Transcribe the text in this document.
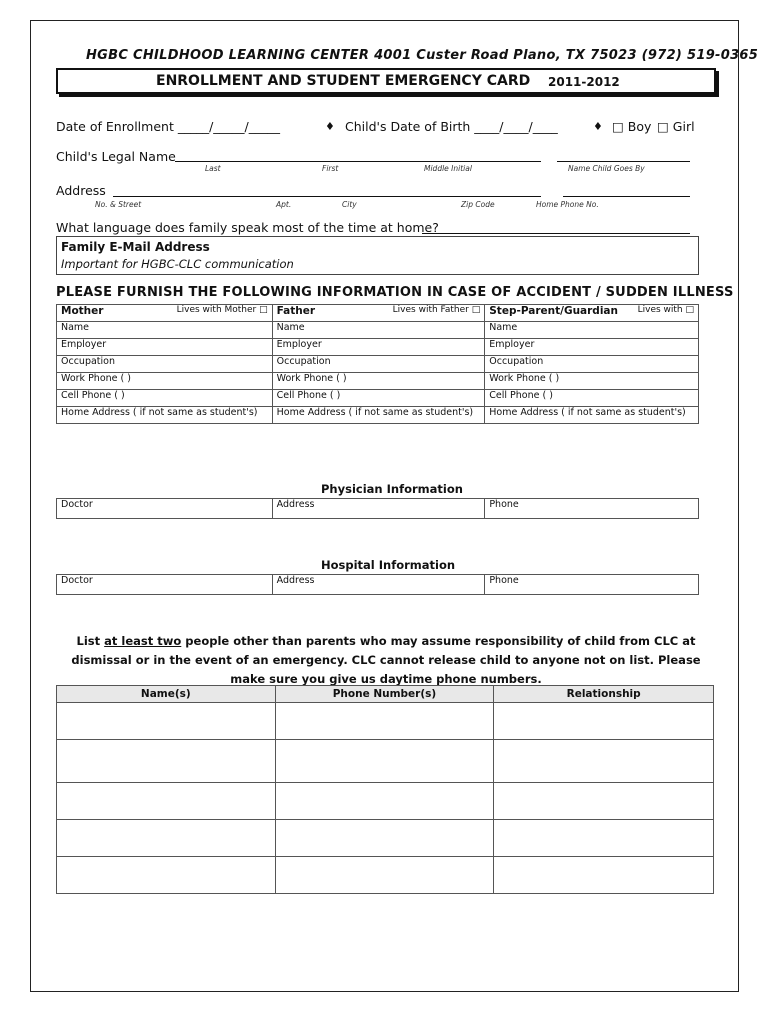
HGBC CHILDHOOD LEARNING CENTER 4001 Custer Road Plano, TX 75023 (972) 519-0365
ENROLLMENT AND STUDENT EMERGENCY CARD 2011-2012
Date of Enrollment _____/_____/_____	♦ Child's Date of Birth ____/____/____	♦ □ Boy □ Girl
Child's Legal Name
Last	First	Middle Initial	Name Child Goes By
Address
No. & Street	Apt.	City	Zip Code	Home Phone No.
What language does family speak most of the time at home?
Family E-Mail Address
Important for HGBC-CLC communication
PLEASE FURNISH THE FOLLOWING INFORMATION IN CASE OF ACCIDENT / SUDDEN ILLNESS
Mother Lives with Mother □	Father Lives with Father □	Step-Parent/Guardian Lives with □

Name	Name	Name
Employer	Employer	Employer
Occupation	Occupation	Occupation
Work Phone ( )	Work Phone ( )	Work Phone ( )
Cell Phone ( )	Cell Phone ( )	Cell Phone ( )
Home Address ( if not same as student's)	Home Address ( if not same as student's)	Home Address ( if not same as student's)
Physician Information
Doctor	Address	Phone
Hospital Information
Doctor	Address	Phone
List at least two people other than parents who may assume responsibility of child from CLC at dismissal or in the event of an emergency. CLC cannot release child to anyone not on list. Please make sure you give us daytime phone numbers.
Name(s)	Phone Number(s)	Relationship
